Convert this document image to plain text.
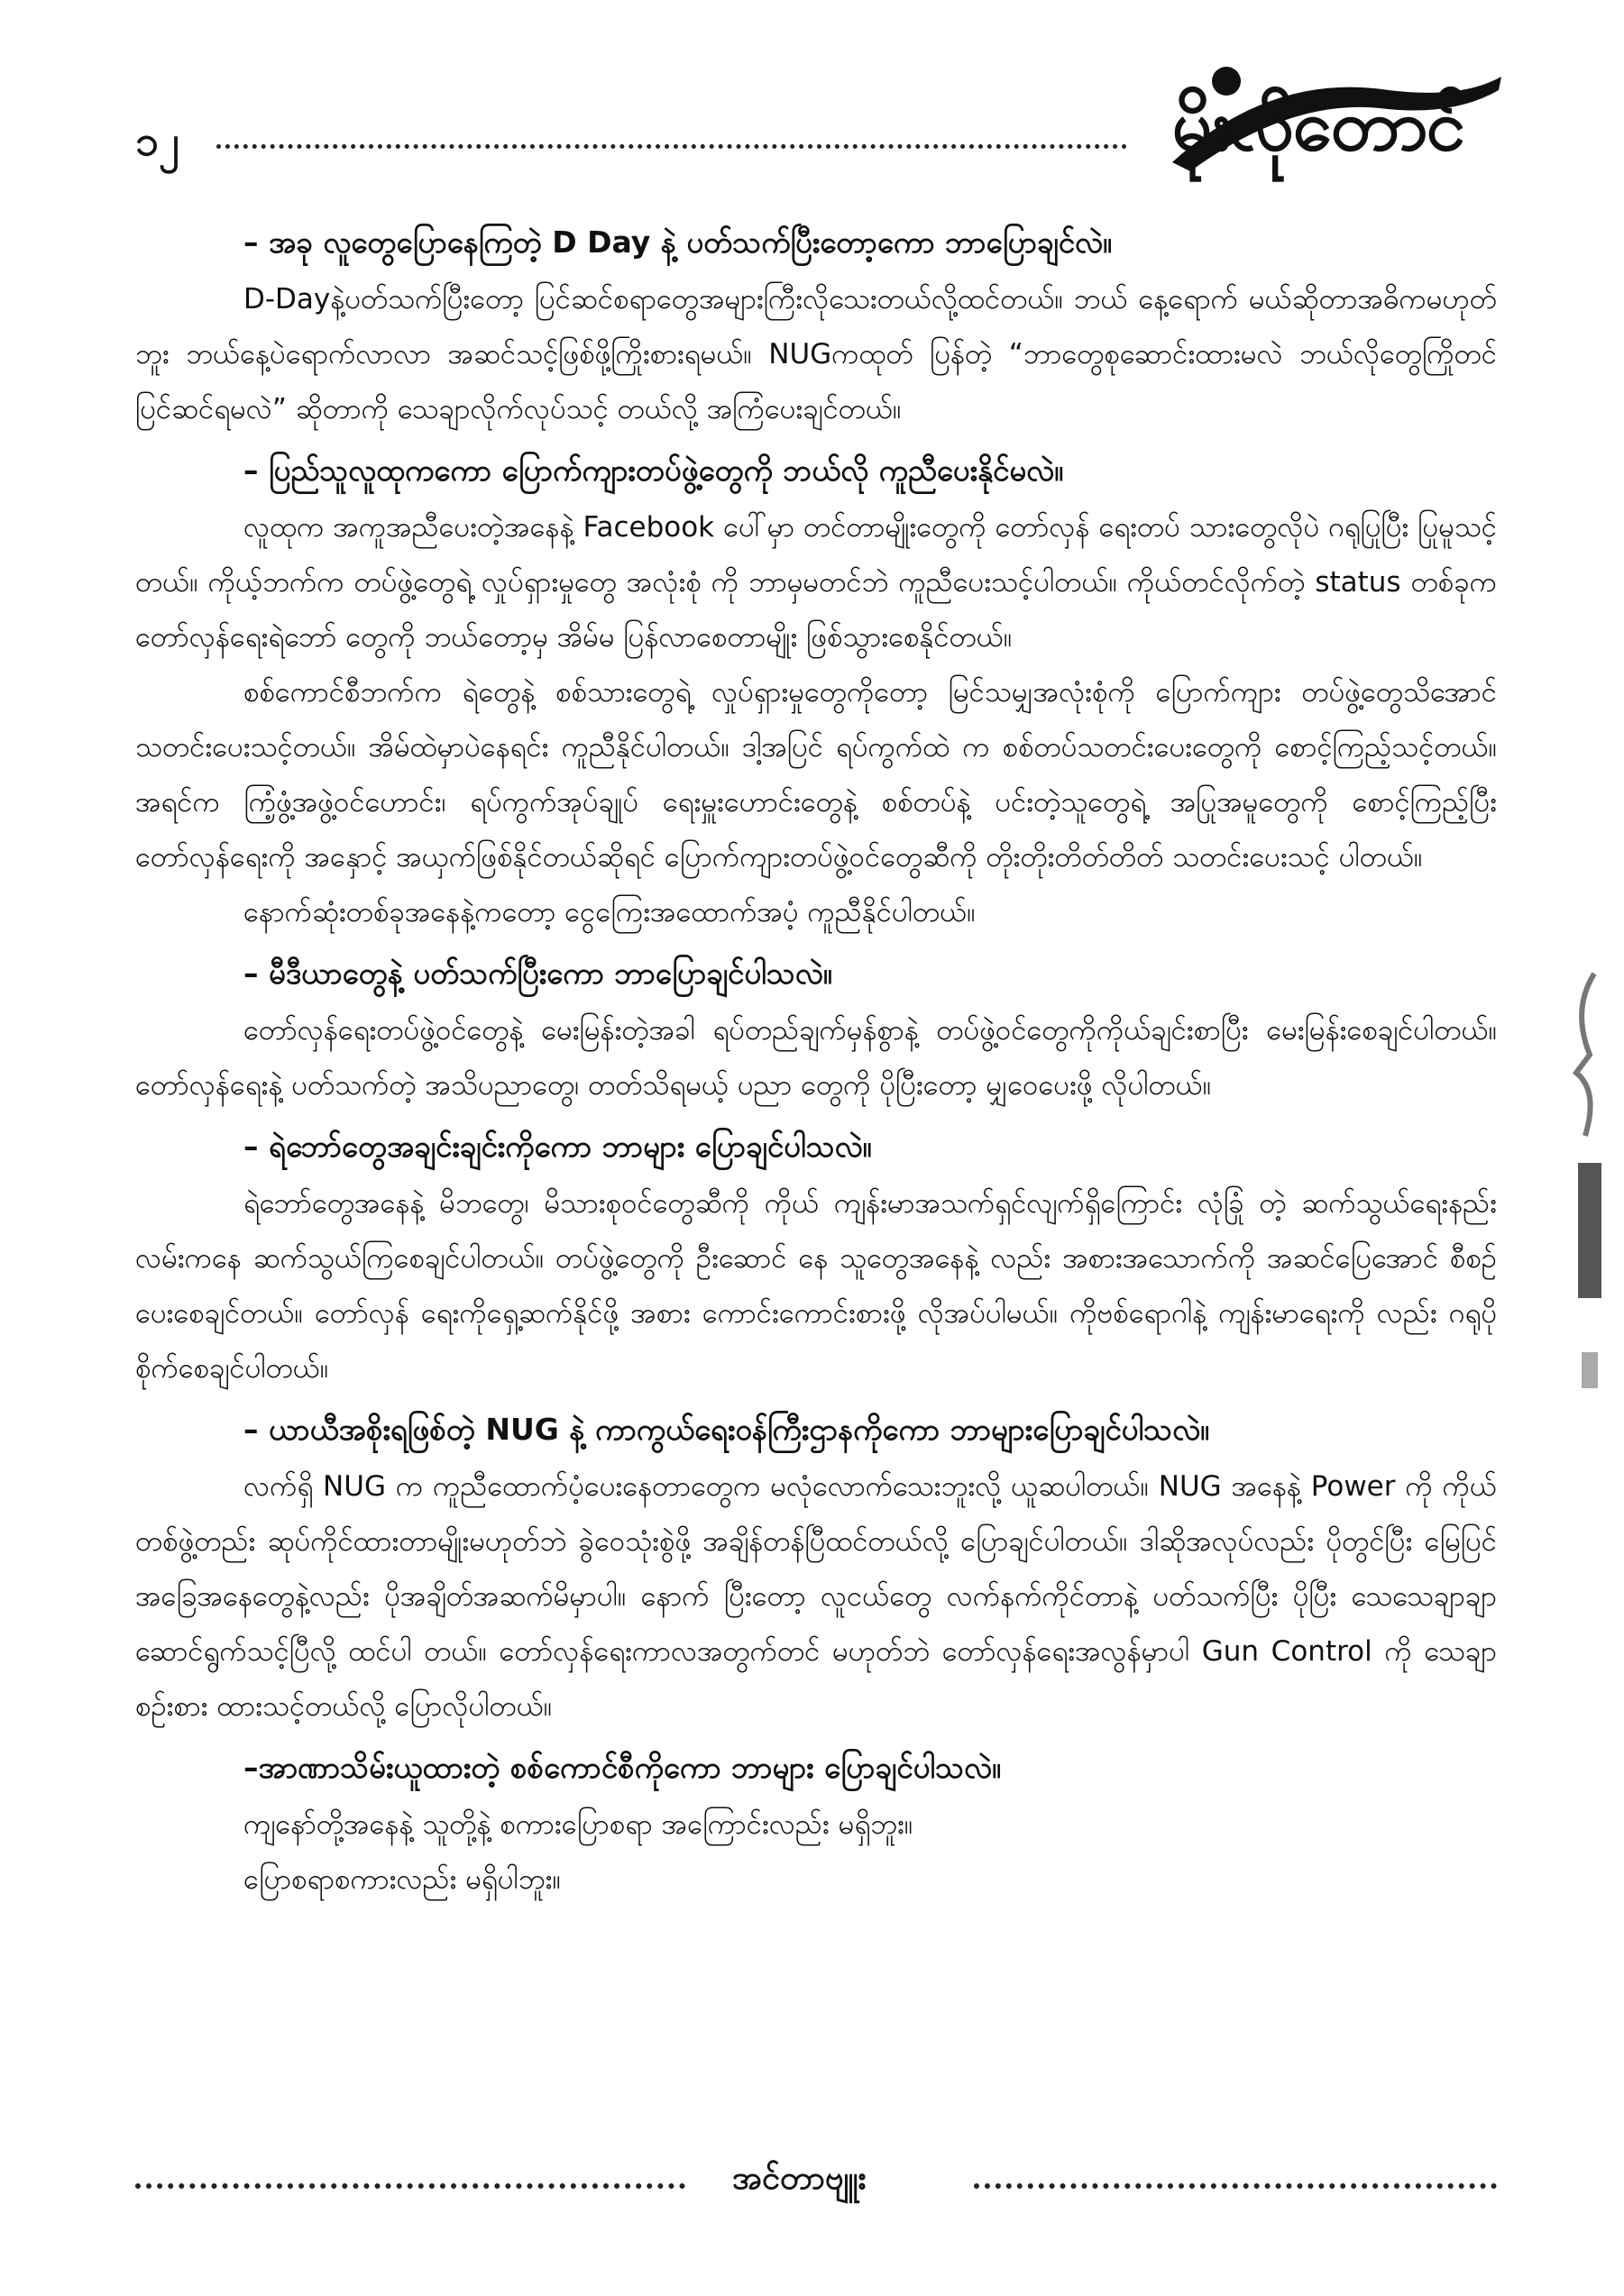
၁၂	မိုးလိုတောင်
– အခု လူတွေပြောနေကြတဲ့ D Day နဲ့ ပတ်သက်ပြီးတော့ကော ဘာပြောချင်လဲ။

D-Dayနဲ့ပတ်သက်ပြီးတော့ ပြင်ဆင်စရာတွေအများကြီးလိုသေးတယ်လို့ထင်တယ်။ ဘယ် နေ့ရောက် မယ်ဆိုတာအဓိကမဟုတ်ဘူး ဘယ်နေ့ပဲရောက်လာလာ အဆင်သင့်ဖြစ်ဖို့ကြိုးစားရမယ်။ NUGကထုတ် ပြန်တဲ့ “ဘာတွေစုဆောင်းထားမလဲ ဘယ်လိုတွေကြိုတင်ပြင်ဆင်ရမလဲ” ဆိုတာကို သေချာလိုက်လုပ်သင့် တယ်လို့ အကြံပေးချင်တယ်။

– ပြည်သူလူထုကကော ပြောက်ကျားတပ်ဖွဲ့တွေကို ဘယ်လို ကူညီပေးနိုင်မလဲ။

လူထုက အကူအညီပေးတဲ့အနေနဲ့ Facebook ပေါ်မှာ တင်တာမျိုးတွေကို တော်လှန် ရေးတပ် သားတွေလိုပဲ ဂရုပြုပြီး ပြုမူသင့်တယ်။ ကိုယ့်ဘက်က တပ်ဖွဲ့တွေရဲ့ လှုပ်ရှားမှုတွေ အလုံးစုံ ကို ဘာမှမတင်ဘဲ ကူညီပေးသင့်ပါတယ်။ ကိုယ်တင်လိုက်တဲ့ status တစ်ခုက တော်လှန်ရေးရဲဘော် တွေကို ဘယ်တော့မှ အိမ်မ ပြန်လာစေတာမျိုး ဖြစ်သွားစေနိုင်တယ်။

စစ်ကောင်စီဘက်က ရဲတွေနဲ့ စစ်သားတွေရဲ့ လှုပ်ရှားမှုတွေကိုတော့ မြင်သမျှအလုံးစုံကို ပြောက်ကျား တပ်ဖွဲ့တွေသိအောင် သတင်းပေးသင့်တယ်။ အိမ်ထဲမှာပဲနေရင်း ကူညီနိုင်ပါတယ်။ ဒါ့အပြင် ရပ်ကွက်ထဲ က စစ်တပ်သတင်းပေးတွေကို စောင့်ကြည့်သင့်တယ်။ အရင်က ကြံ့ဖွံ့အဖွဲ့ဝင်ဟောင်း၊ ရပ်ကွက်အုပ်ချုပ် ရေးမှူးဟောင်းတွေနဲ့ စစ်တပ်နဲ့ ပင်းတဲ့သူတွေရဲ့ အပြုအမူတွေကို စောင့်ကြည့်ပြီး တော်လှန်ရေးကို အနှောင့် အယှက်ဖြစ်နိုင်တယ်ဆိုရင် ပြောက်ကျားတပ်ဖွဲ့ဝင်တွေဆီကို တိုးတိုးတိတ်တိတ် သတင်းပေးသင့် ပါတယ်။

နောက်ဆုံးတစ်ခုအနေနဲ့ကတော့ ငွေကြေးအထောက်အပံ့ ကူညီနိုင်ပါတယ်။

– မီဒီယာတွေနဲ့ ပတ်သက်ပြီးကော ဘာပြောချင်ပါသလဲ။

တော်လှန်ရေးတပ်ဖွဲ့ဝင်တွေနဲ့ မေးမြန်းတဲ့အခါ ရပ်တည်ချက်မှန်စွာနဲ့ တပ်ဖွဲ့ဝင်တွေကိုကိုယ်ချင်းစာပြီး မေးမြန်းစေချင်ပါတယ်။ တော်လှန်ရေးနဲ့ ပတ်သက်တဲ့ အသိပညာတွေ၊ တတ်သိရမယ့် ပညာ တွေကို ပိုပြီးတော့ မျှဝေပေးဖို့ လိုပါတယ်။

– ရဲဘော်တွေအချင်းချင်းကိုကော ဘာများ ပြောချင်ပါသလဲ။

ရဲဘော်တွေအနေနဲ့ မိဘတွေ၊ မိသားစုဝင်တွေဆီကို ကိုယ် ကျန်းမာအသက်ရှင်လျက်ရှိကြောင်း လုံခြုံ တဲ့ ဆက်သွယ်ရေးနည်းလမ်းကနေ ဆက်သွယ်ကြစေချင်ပါတယ်။ တပ်ဖွဲ့တွေကို ဦးဆောင် နေ သူတွေအနေနဲ့ လည်း အစားအသောက်ကို အဆင်ပြေအောင် စီစဉ်ပေးစေချင်တယ်။ တော်လှန် ရေးကိုရှေ့ဆက်နိုင်ဖို့ အစား ကောင်းကောင်းစားဖို့ လိုအပ်ပါမယ်။ ကိုဗစ်ရောဂါနဲ့ ကျန်းမာရေးကို လည်း ဂရုပိုစိုက်စေချင်ပါတယ်။

– ယာယီအစိုးရဖြစ်တဲ့ NUG နဲ့ ကာကွယ်ရေးဝန်ကြီးဌာနကိုကော ဘာများပြောချင်ပါသလဲ။

လက်ရှိ NUG က ကူညီထောက်ပံ့ပေးနေတာတွေက မလုံလောက်သေးဘူးလို့ ယူဆပါတယ်။ NUG အနေနဲ့ Power ကို ကိုယ်တစ်ဖွဲ့တည်း ဆုပ်ကိုင်ထားတာမျိုးမဟုတ်ဘဲ ခွဲဝေသုံးစွဲဖို့ အချိန်တန်ပြီထင်တယ်လို့ ပြောချင်ပါတယ်။ ဒါဆိုအလုပ်လည်း ပိုတွင်ပြီး မြေပြင်အခြေအနေတွေနဲ့လည်း ပိုအချိတ်အဆက်မိမှာပါ။ နောက် ပြီးတော့ လူငယ်တွေ လက်နက်ကိုင်တာနဲ့ ပတ်သက်ပြီး ပိုပြီး သေသေချာချာ ဆောင်ရွက်သင့်ပြီလို့ ထင်ပါ တယ်။ တော်လှန်ရေးကာလအတွက်တင် မဟုတ်ဘဲ တော်လှန်ရေးအလွန်မှာပါ Gun Control ကို သေချာ စဉ်းစား ထားသင့်တယ်လို့ ပြောလိုပါတယ်။

–အာဏာသိမ်းယူထားတဲ့ စစ်ကောင်စီကိုကော ဘာများ ပြောချင်ပါသလဲ။

ကျနော်တို့အနေနဲ့ သူတို့နဲ့ စကားပြောစရာ အကြောင်းလည်း မရှိဘူး။

ပြောစရာစကားလည်း မရှိပါဘူး။

အင်တာဗျူး
